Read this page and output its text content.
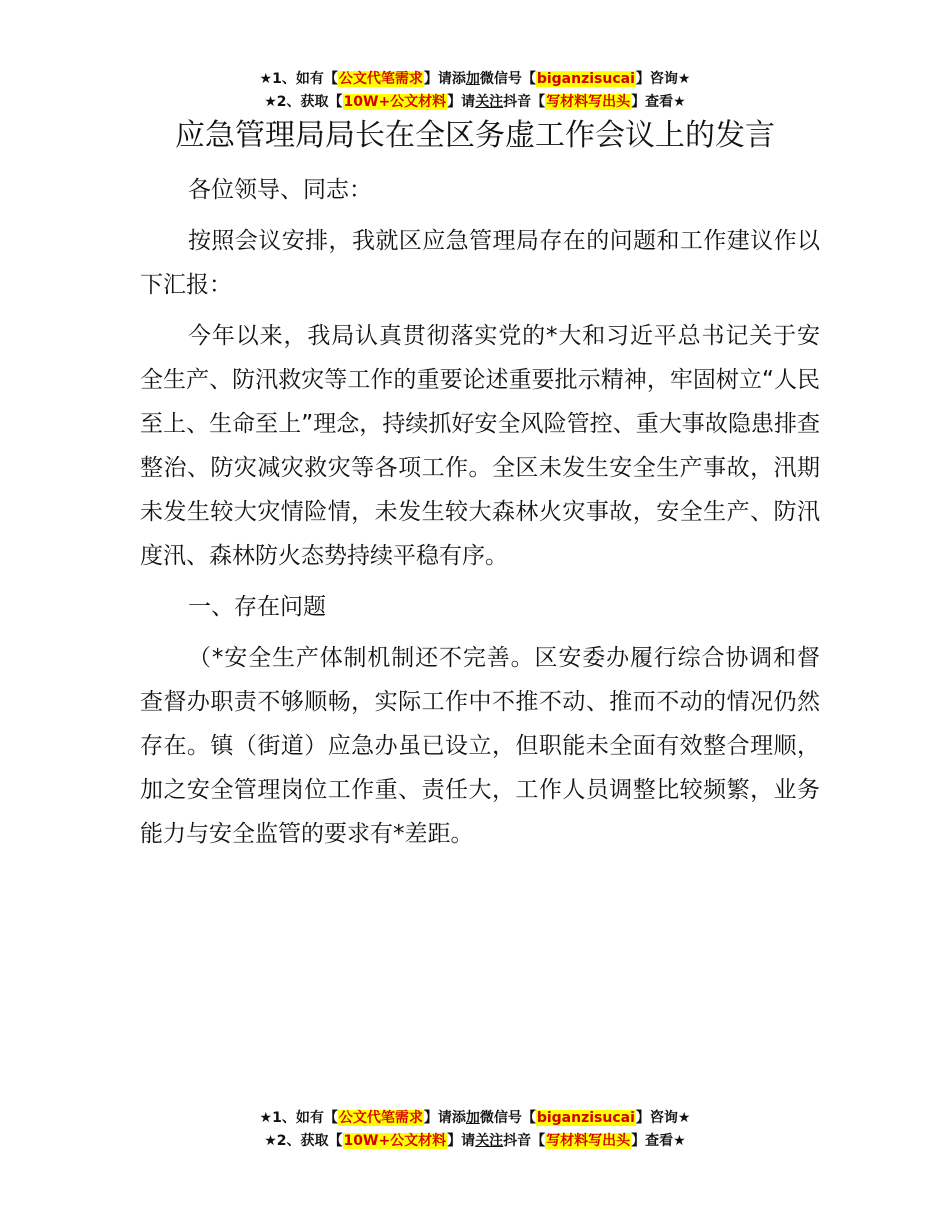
★1、如有【公文代笔需求】请添加微信号【biganzisucai】咨询★
★2、获取【10W+公文材料】请关注抖音【写材料写出头】查看★
应急管理局局长在全区务虚工作会议上的发言

各位领导、同志：

按照会议安排，我就区应急管理局存在的问题和工作建议作以下汇报：

今年以来，我局认真贯彻落实党的*大和习近平总书记关于安全生产、防汛救灾等工作的重要论述重要批示精神，牢固树立“人民至上、生命至上”理念，持续抓好安全风险管控、重大事故隐患排查整治、防灾减灾救灾等各项工作。全区未发生安全生产事故，汛期未发生较大灾情险情，未发生较大森林火灾事故，安全生产、防汛度汛、森林防火态势持续平稳有序。

一、存在问题

（*安全生产体制机制还不完善。区安委办履行综合协调和督查督办职责不够顺畅，实际工作中不推不动、推而不动的情况仍然存在。镇（街道）应急办虽已设立，但职能未全面有效整合理顺，加之安全管理岗位工作重、责任大，工作人员调整比较频繁，业务能力与安全监管的要求有*差距。

★1、如有【公文代笔需求】请添加微信号【biganzisucai】咨询★
★2、获取【10W+公文材料】请关注抖音【写材料写出头】查看★
